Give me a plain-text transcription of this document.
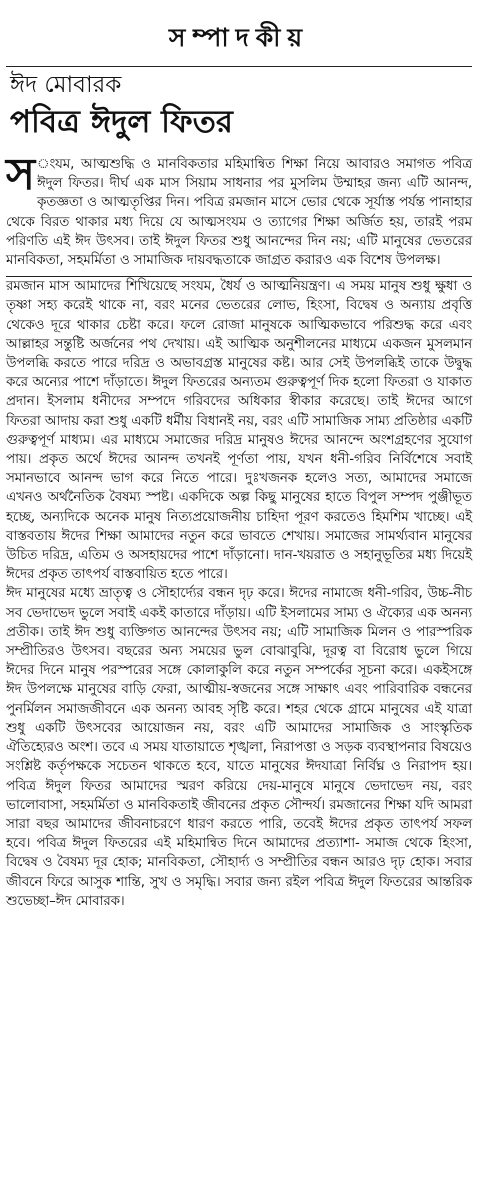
সম্পাদকীয়
ঈদ মোবারক
পবিত্র ঈদুল ফিতর

স ংযম, আত্মশুদ্ধি ও মানবিকতার মহিমান্বিত শিক্ষা নিয়ে আবারও সমাগত পবিত্র ঈদুল ফিতর। দীর্ঘ এক মাস সিয়াম সাধনার পর মুসলিম উম্মাহর জন্য এটি আনন্দ, কৃতজ্ঞতা ও আত্মতৃপ্তির দিন। পবিত্র রমজান মাসে ভোর থেকে সূর্যাস্ত পর্যন্ত পানাহার থেকে বিরত থাকার মধ্য দিয়ে যে আত্মসংযম ও ত্যাগের শিক্ষা অর্জিত হয়, তারই পরম পরিণতি এই ঈদ উৎসব। তাই ঈদুল ফিতর শুধু আনন্দের দিন নয়; এটি মানুষের ভেতরের মানবিকতা, সহমর্মিতা ও সামাজিক দায়বদ্ধতাকে জাগ্রত করারও এক বিশেষ উপলক্ষ।

রমজান মাস আমাদের শিখিয়েছে সংযম, ধৈর্য ও আত্মনিয়ন্ত্রণ। এ সময় মানুষ শুধু ক্ষুধা ও তৃষ্ণা সহ্য করেই থাকে না, বরং মনের ভেতরের লোভ, হিংসা, বিদ্বেষ ও অন্যায় প্রবৃত্তি থেকেও দূরে থাকার চেষ্টা করে। ফলে রোজা মানুষকে আত্মিকভাবে পরিশুদ্ধ করে এবং আল্লাহর সন্তুষ্টি অর্জনের পথ দেখায়। এই আত্মিক অনুশীলনের মাধ্যমে একজন মুসলমান উপলব্ধি করতে পারে দরিদ্র ও অভাবগ্রস্ত মানুষের কষ্ট। আর সেই উপলব্ধিই তাকে উদ্বুদ্ধ করে অন্যের পাশে দাঁড়াতে। ঈদুল ফিতরের অন্যতম গুরুত্বপূর্ণ দিক হলো ফিতরা ও যাকাত প্রদান। ইসলাম ধনীদের সম্পদে গরিবদের অধিকার স্বীকার করেছে। তাই ঈদের আগে ফিতরা আদায় করা শুধু একটি ধর্মীয় বিধানই নয়, বরং এটি সামাজিক সাম্য প্রতিষ্ঠার একটি গুরুত্বপূর্ণ মাধ্যম। এর মাধ্যমে সমাজের দরিদ্র মানুষও ঈদের আনন্দে অংশগ্রহণের সুযোগ পায়। প্রকৃত অর্থে ঈদের আনন্দ তখনই পূর্ণতা পায়, যখন ধনী-গরিব নির্বিশেষে সবাই সমানভাবে আনন্দ ভাগ করে নিতে পারে। দুঃখজনক হলেও সত্য, আমাদের সমাজে এখনও অর্থনৈতিক বৈষম্য স্পষ্ট। একদিকে অল্প কিছু মানুষের হাতে বিপুল সম্পদ পুঞ্জীভূত হচ্ছে, অন্যদিকে অনেক মানুষ নিত্যপ্রয়োজনীয় চাহিদা পূরণ করতেও হিমশিম খাচ্ছে। এই বাস্তবতায় ঈদের শিক্ষা আমাদের নতুন করে ভাবতে শেখায়। সমাজের সামর্থ্যবান মানুষের উচিত দরিদ্র, এতিম ও অসহায়দের পাশে দাঁড়ানো। দান-খয়রাত ও সহানুভূতির মধ্য দিয়েই ঈদের প্রকৃত তাৎপর্য বাস্তবায়িত হতে পারে।

ঈদ মানুষের মধ্যে ভ্রাতৃত্ব ও সৌহার্দ্যের বন্ধন দৃঢ় করে। ঈদের নামাজে ধনী-গরিব, উচ্চ-নীচ সব ভেদাভেদ ভুলে সবাই একই কাতারে দাঁড়ায়। এটি ইসলামের সাম্য ও ঐক্যের এক অনন্য প্রতীক। তাই ঈদ শুধু ব্যক্তিগত আনন্দের উৎসব নয়; এটি সামাজিক মিলন ও পারস্পরিক সম্প্রীতিরও উৎসব। বছরের অন্য সময়ের ভুল বোঝাবুঝি, দূরত্ব বা বিরোধ ভুলে গিয়ে ঈদের দিনে মানুষ পরস্পরের সঙ্গে কোলাকুলি করে নতুন সম্পর্কের সূচনা করে। একইসঙ্গে ঈদ উপলক্ষে মানুষের বাড়ি ফেরা, আত্মীয়-স্বজনের সঙ্গে সাক্ষাৎ এবং পারিবারিক বন্ধনের পুনর্মিলন সমাজজীবনে এক অনন্য আবহ সৃষ্টি করে। শহর থেকে গ্রামে মানুষের এই যাত্রা শুধু একটি উৎসবের আয়োজন নয়, বরং এটি আমাদের সামাজিক ও সাংস্কৃতিক ঐতিহ্যেরও অংশ। তবে এ সময় যাতায়াতে শৃঙ্খলা, নিরাপত্তা ও সড়ক ব্যবস্থাপনার বিষয়েও সংশ্লিষ্ট কর্তৃপক্ষকে সচেতন থাকতে হবে, যাতে মানুষের ঈদযাত্রা নির্বিঘ্ন ও নিরাপদ হয়। পবিত্র ঈদুল ফিতর আমাদের স্মরণ করিয়ে দেয়-মানুষে মানুষে ভেদাভেদ নয়, বরং ভালোবাসা, সহমর্মিতা ও মানবিকতাই জীবনের প্রকৃত সৌন্দর্য। রমজানের শিক্ষা যদি আমরা সারা বছর আমাদের জীবনাচরণে ধারণ করতে পারি, তবেই ঈদের প্রকৃত তাৎপর্য সফল হবে। পবিত্র ঈদুল ফিতরের এই মহিমান্বিত দিনে আমাদের প্রত্যাশা- সমাজ থেকে হিংসা, বিদ্বেষ ও বৈষম্য দূর হোক; মানবিকতা, সৌহার্দ্য ও সম্প্রীতির বন্ধন আরও দৃঢ় হোক। সবার জীবনে ফিরে আসুক শান্তি, সুখ ও সমৃদ্ধি। সবার জন্য রইল পবিত্র ঈদুল ফিতরের আন্তরিক শুভেচ্ছা–ঈদ মোবারক।
